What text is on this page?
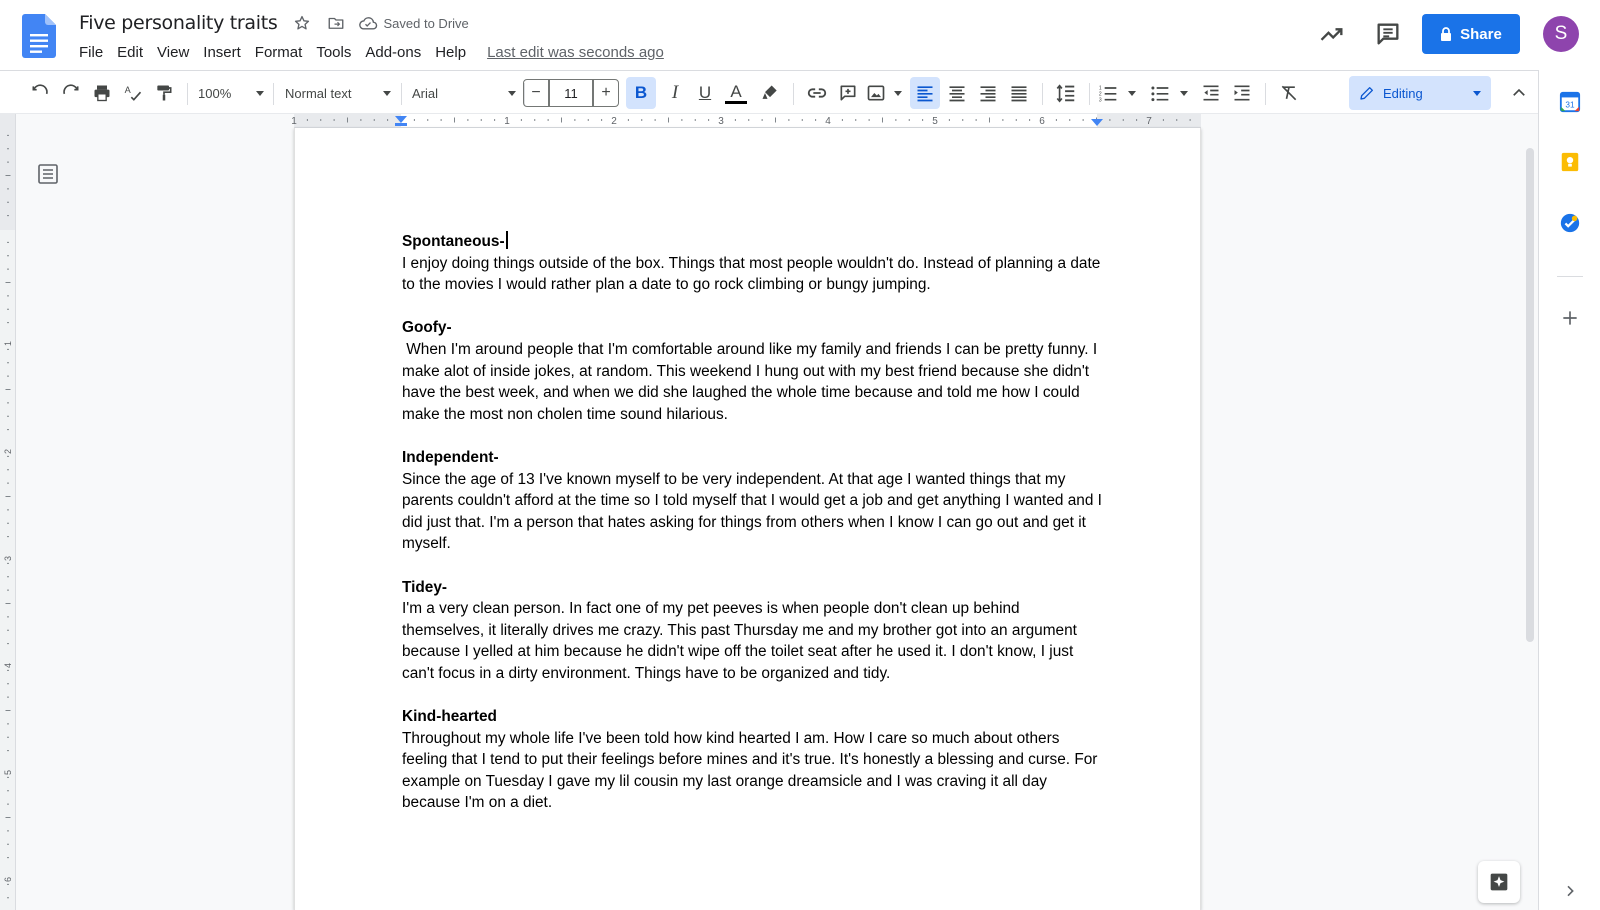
Five personality traits	Saved to Drive
File Edit View Insert Format Tools Add-ons Help	Last edit was seconds ago
Share	S
A	100%	Normal text	Arial	−	11	+	B	I	U	A	1
2
3	Editing
31
1
2
3
4
5
6
1	1	2	3	4	5	6	7
Spontaneous-
I enjoy doing things outside of the box. Things that most people wouldn't do. Instead of planning a date to the movies I would rather plan a date to go rock climbing or bungy jumping.
Goofy-
When I'm around people that I'm comfortable around like my family and friends I can be pretty funny. I make alot of inside jokes, at random. This weekend I hung out with my best friend because she didn't have the best week, and when we did she laughed the whole time because and told me how I could make the most non cholen time sound hilarious.
Independent-
Since the age of 13 I've known myself to be very independent. At that age I wanted things that my parents couldn't afford at the time so I told myself that I would get a job and get anything I wanted and I did just that. I'm a person that hates asking for things from others when I know I can go out and get it myself.
Tidey-
I'm a very clean person. In fact one of my pet peeves is when people don't clean up behind themselves, it literally drives me crazy. This past Thursday me and my brother got into an argument because I yelled at him because he didn't wipe off the toilet seat after he used it. I don't know, I just can't focus in a dirty environment. Things have to be organized and tidy.
Kind-hearted
Throughout my whole life I've been told how kind hearted I am. How I care so much about others feeling that I tend to put their feelings before mines and it's true. It's honestly a blessing and curse. For example on Tuesday I gave my lil cousin my last orange dreamsicle and I was craving it all day because I'm on a diet.
